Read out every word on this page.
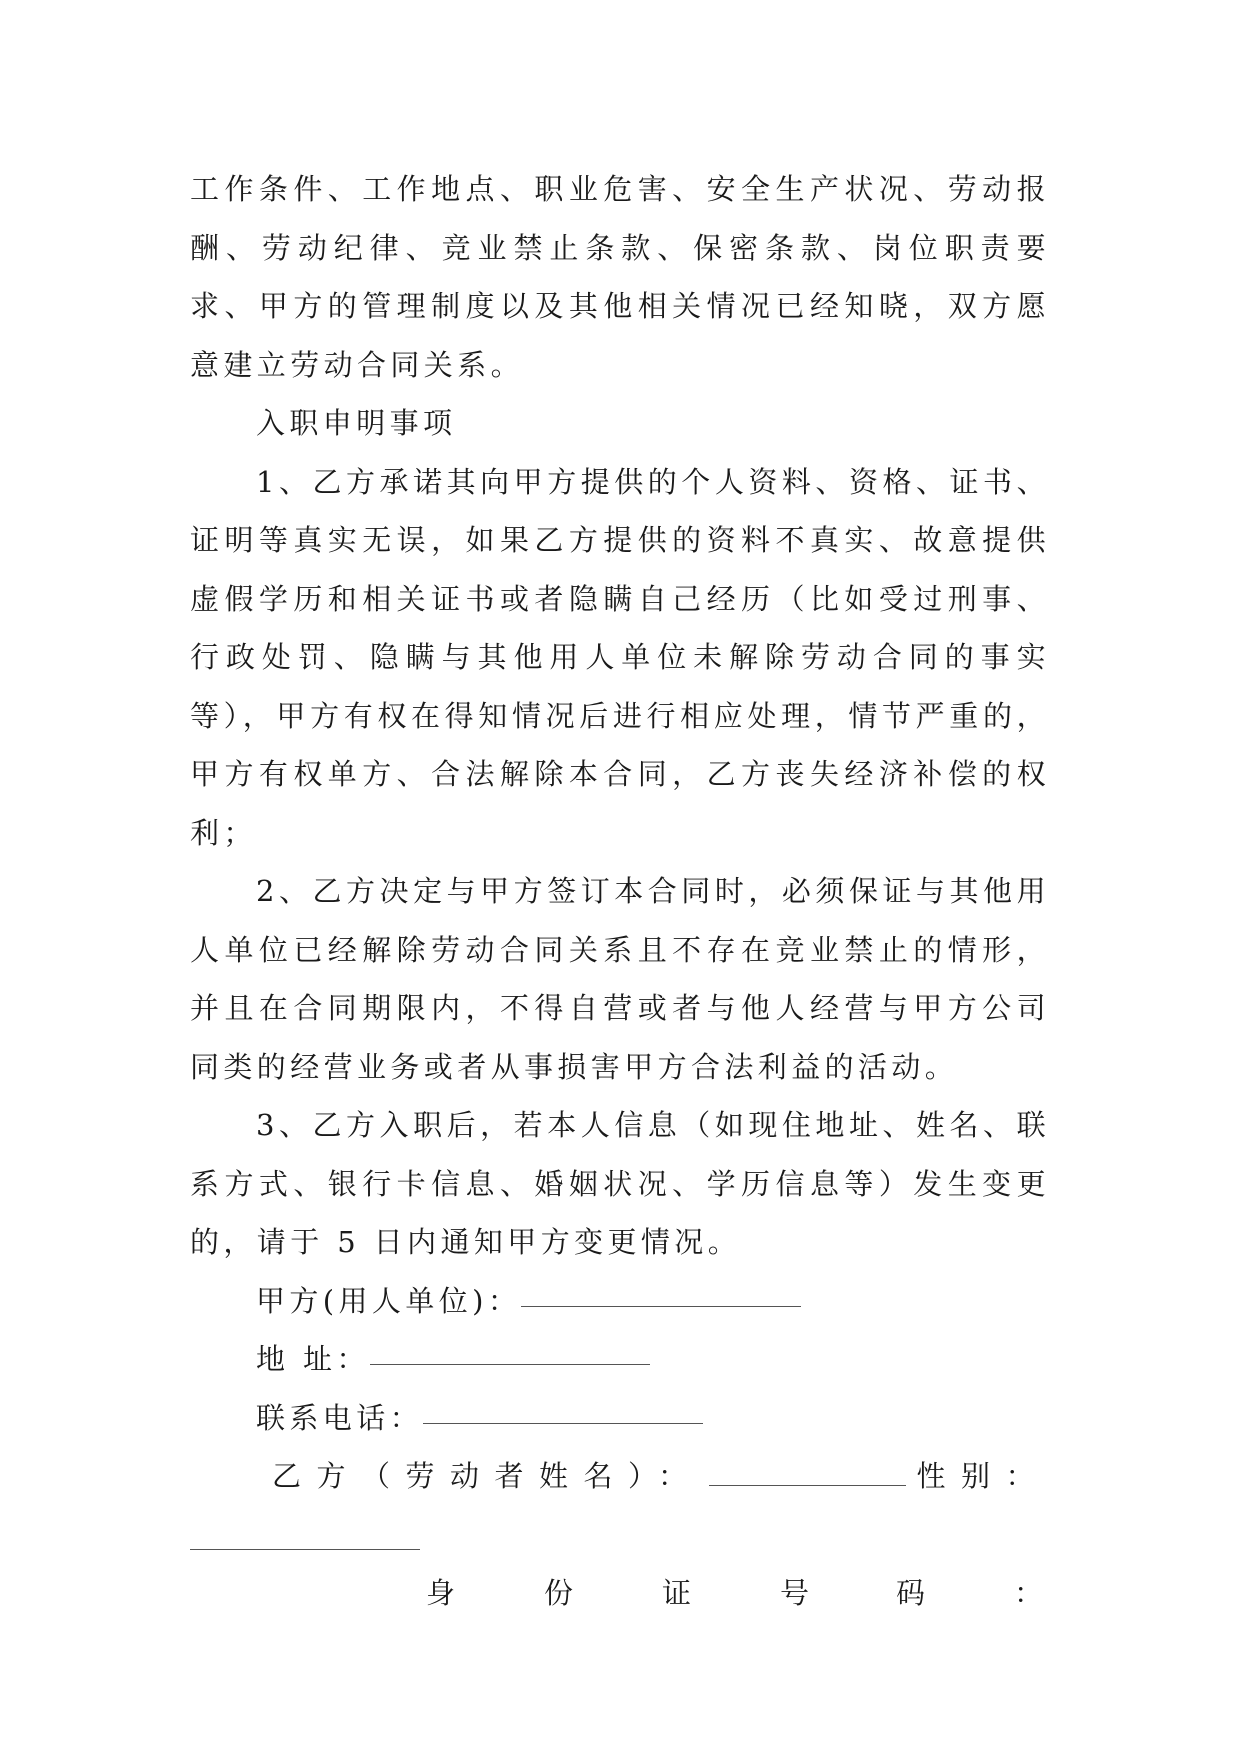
工作条件、工作地点、职业危害、安全生产状况、劳动报酬、劳动纪律、竞业禁止条款、保密条款、岗位职责要求、甲方的管理制度以及其他相关情况已经知晓，双方愿意建立劳动合同关系。

入职申明事项

1、乙方承诺其向甲方提供的个人资料、资格、证书、证明等真实无误，如果乙方提供的资料不真实、故意提供虚假学历和相关证书或者隐瞒自己经历（比如受过刑事、行政处罚、隐瞒与其他用人单位未解除劳动合同的事实等），甲方有权在得知情况后进行相应处理，情节严重的，甲方有权单方、合法解除本合同，乙方丧失经济补偿的权利；

2、乙方决定与甲方签订本合同时，必须保证与其他用人单位已经解除劳动合同关系且不存在竞业禁止的情形，并且在合同期限内，不得自营或者与他人经营与甲方公司同类的经营业务或者从事损害甲方合法利益的活动。

3、乙方入职后，若本人信息（如现住地址、姓名、联系方式、银行卡信息、婚姻状况、学历信息等）发生变更的，请于 5 日内通知甲方变更情况。

甲方(用人单位)：

地 址：

联系电话：

乙方（劳动者姓名）：	性别：

身	份	证	号	码	：
